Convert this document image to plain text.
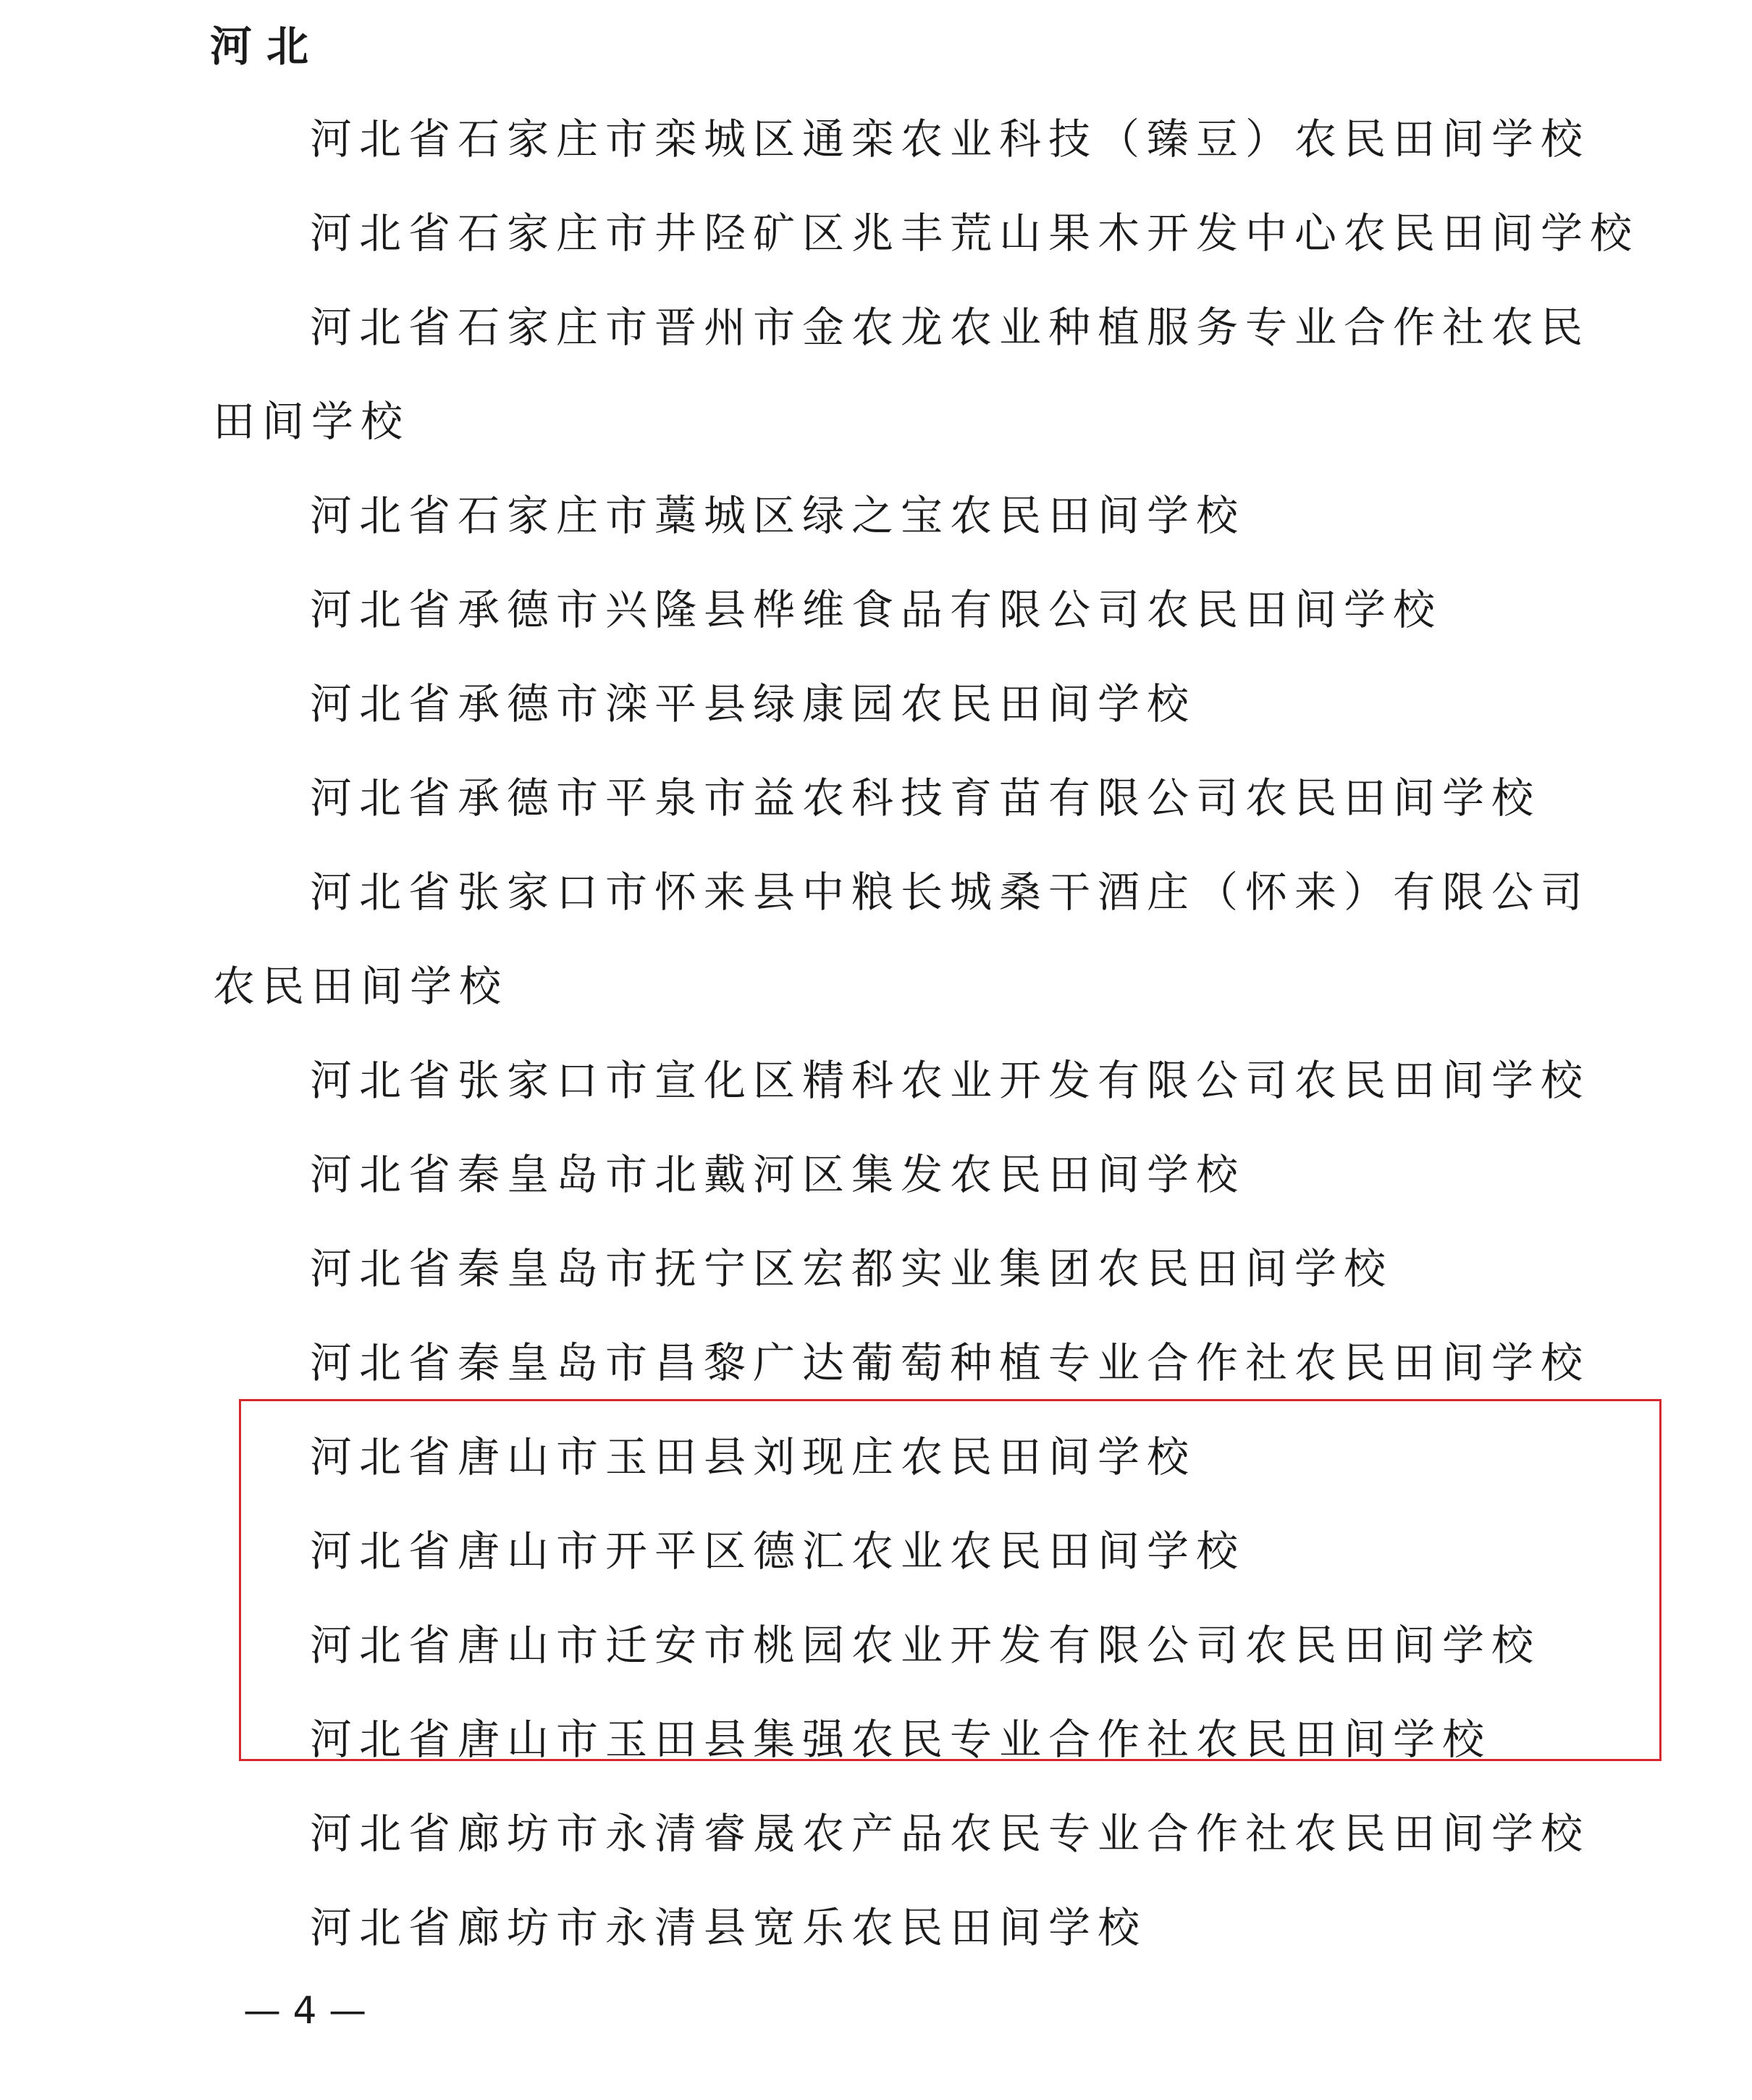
河北
河北省石家庄市栾城区通栾农业科技（臻豆）农民田间学校
河北省石家庄市井陉矿区兆丰荒山果木开发中心农民田间学校
河北省石家庄市晋州市金农龙农业种植服务专业合作社农民
田间学校
河北省石家庄市藁城区绿之宝农民田间学校
河北省承德市兴隆县桦维食品有限公司农民田间学校
河北省承德市滦平县绿康园农民田间学校
河北省承德市平泉市益农科技育苗有限公司农民田间学校
河北省张家口市怀来县中粮长城桑干酒庄（怀来）有限公司
农民田间学校
河北省张家口市宣化区精科农业开发有限公司农民田间学校
河北省秦皇岛市北戴河区集发农民田间学校
河北省秦皇岛市抚宁区宏都实业集团农民田间学校
河北省秦皇岛市昌黎广达葡萄种植专业合作社农民田间学校
河北省唐山市玉田县刘现庄农民田间学校
河北省唐山市开平区德汇农业农民田间学校
河北省唐山市迁安市桃园农业开发有限公司农民田间学校
河北省唐山市玉田县集强农民专业合作社农民田间学校
河北省廊坊市永清睿晟农产品农民专业合作社农民田间学校
河北省廊坊市永清县宽乐农民田间学校
— 4 —
